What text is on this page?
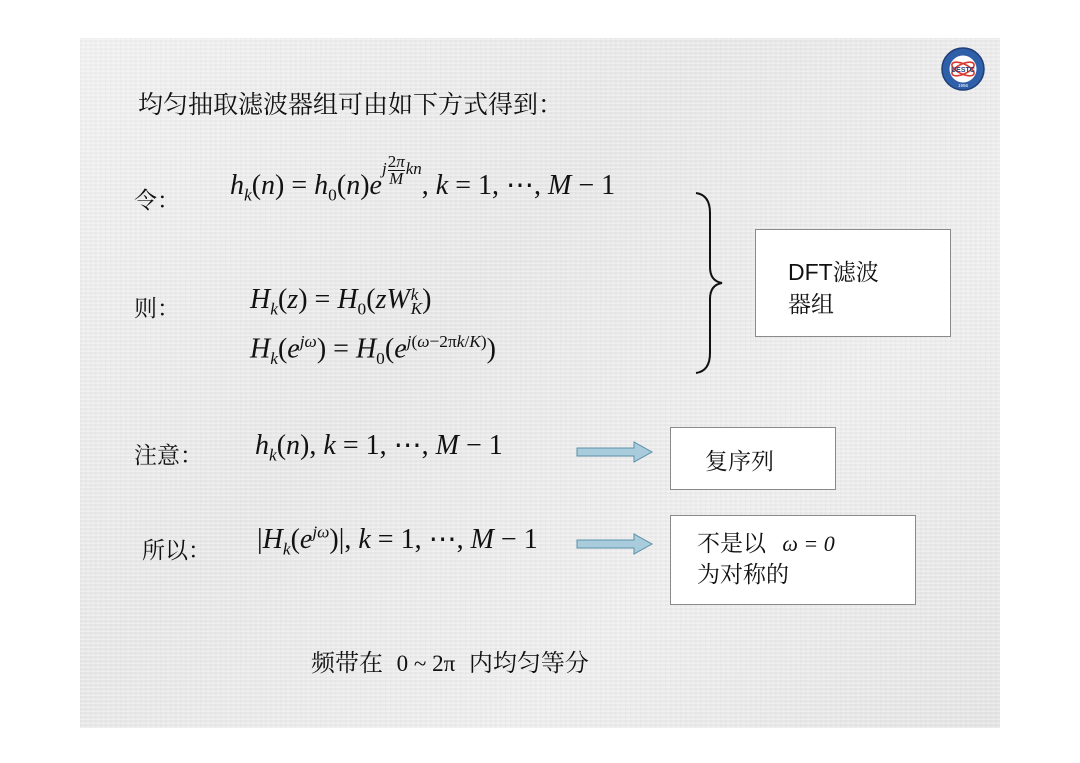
UESTC
1956
均匀抽取滤波器组可由如下方式得到：
令： $h_k(n) = h_0(n)e^{j \frac{2\pi}{M} kn}$, k = 1, ⋯, M − 1
则：	$H_k(z) = H_0(zW$ k
K )
$H_k(e^{j\omega}) = H_0(e^{j(\omega-2\pi k/K)})$
DFT滤波
器组
注意： $h_k(n)$, k = 1, ⋯, M − 1	复序列
所以： $|H_k(e^{j\omega})|$, k = 1, ⋯, M − 1	不是以 ω = 0
为对称的
频带在 0 ~ 2π 内均匀等分
